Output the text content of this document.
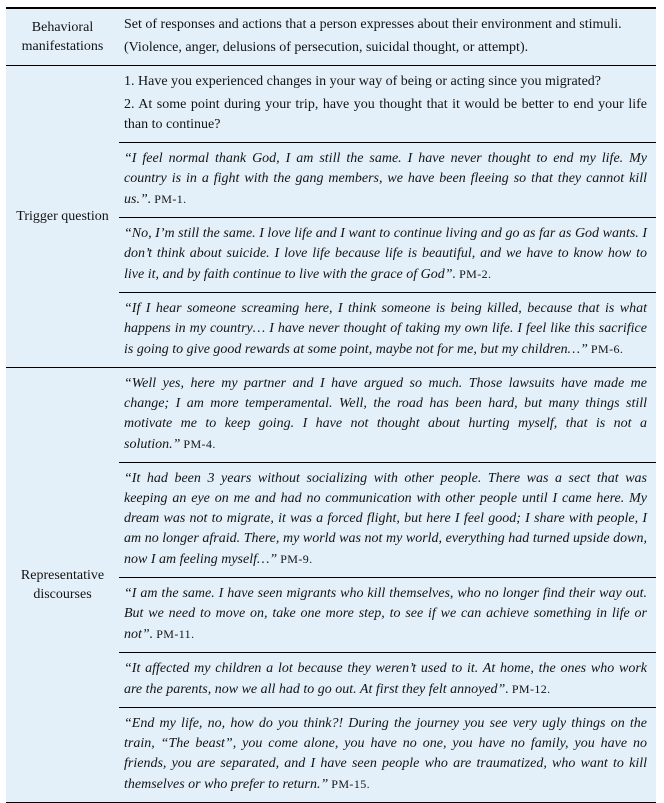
Behavioral manifestations

Set of responses and actions that a person expresses about their environment and stimuli.

(Violence, anger, delusions of persecution, suicidal thought, or attempt).

Trigger question

1. Have you experienced changes in your way of being or acting since you migrated?

2. At some point during your trip, have you thought that it would be better to end your life than to continue?

“I feel normal thank God, I am still the same. I have never thought to end my life. My country is in a fight with the gang members, we have been fleeing so that they cannot kill us.”. PM-1.

“No, I’m still the same. I love life and I want to continue living and go as far as God wants. I don’t think about suicide. I love life because life is beautiful, and we have to know how to live it, and by faith continue to live with the grace of God”. PM-2.

“If I hear someone screaming here, I think someone is being killed, because that is what happens in my country… I have never thought of taking my own life. I feel like this sacrifice is going to give good rewards at some point, maybe not for me, but my children…” PM-6.

Representative discourses

“Well yes, here my partner and I have argued so much. Those lawsuits have made me change; I am more temperamental. Well, the road has been hard, but many things still motivate me to keep going. I have not thought about hurting myself, that is not a solution.” PM-4.

“It had been 3 years without socializing with other people. There was a sect that was keeping an eye on me and had no communication with other people until I came here. My dream was not to migrate, it was a forced flight, but here I feel good; I share with people, I am no longer afraid. There, my world was not my world, everything had turned upside down, now I am feeling myself…” PM-9.

“I am the same. I have seen migrants who kill themselves, who no longer find their way out. But we need to move on, take one more step, to see if we can achieve something in life or not”. PM-11.

“It affected my children a lot because they weren’t used to it. At home, the ones who work are the parents, now we all had to go out. At first they felt annoyed”. PM-12.

“End my life, no, how do you think?! During the journey you see very ugly things on the train, “The beast”, you come alone, you have no one, you have no family, you have no friends, you are separated, and I have seen people who are traumatized, who want to kill themselves or who prefer to return.” PM-15.
